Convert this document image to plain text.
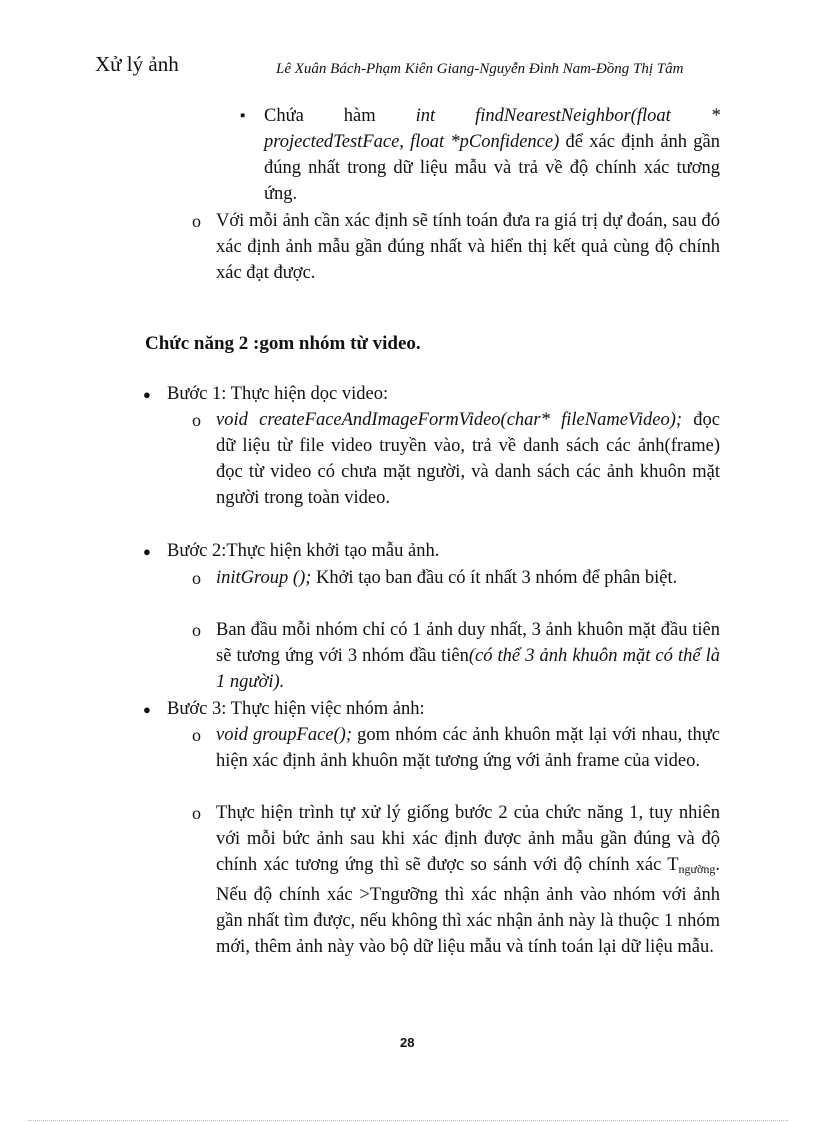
Xử lý ảnh	Lê Xuân Bách-Phạm Kiên Giang-Nguyễn Đình Nam-Đồng Thị Tâm
▪ Chứa hàm int findNearestNeighbor(float * projectedTestFace, float *pConfidence) để xác định ảnh gần đúng nhất trong dữ liệu mẫu và trả về độ chính xác tương ứng.

o Với mỗi ảnh cần xác định sẽ tính toán đưa ra giá trị dự đoán, sau đó xác định ảnh mẫu gần đúng nhất và hiển thị kết quả cùng độ chính xác đạt được.

Chức năng 2 :gom nhóm từ video.
● Bước 1: Thực hiện dọc video:

o void createFaceAndImageFormVideo(char* fileNameVideo); đọc dữ liệu từ file video truyền vào, trả về danh sách các ảnh(frame) đọc từ video có chưa mặt người, và danh sách các ảnh khuôn mặt người trong toàn video.

● Bước 2:Thực hiện khởi tạo mẫu ảnh.

o initGroup (); Khởi tạo ban đầu có ít nhất 3 nhóm để phân biệt.

o Ban đầu mỗi nhóm chỉ có 1 ảnh duy nhất, 3 ảnh khuôn mặt đầu tiên sẽ tương ứng với 3 nhóm đầu tiên(có thể 3 ảnh khuôn mặt có thể là 1 người).

● Bước 3: Thực hiện việc nhóm ảnh:

o void groupFace(); gom nhóm các ảnh khuôn mặt lại với nhau, thực hiện xác định ảnh khuôn mặt tương ứng với ảnh frame của video.

o Thực hiện trình tự xử lý giống bước 2 của chức năng 1, tuy nhiên với mỗi bức ảnh sau khi xác định được ảnh mẫu gần đúng và độ chính xác tương ứng thì sẽ được so sánh với độ chính xác $T_{ngưỡng}$. Nếu độ chính xác >Tngưỡng thì xác nhận ảnh vào nhóm với ảnh gần nhất tìm được, nếu không thì xác nhận ảnh này là thuộc 1 nhóm mới, thêm ảnh này vào bộ dữ liệu mẫu và tính toán lại dữ liệu mẫu.

28
